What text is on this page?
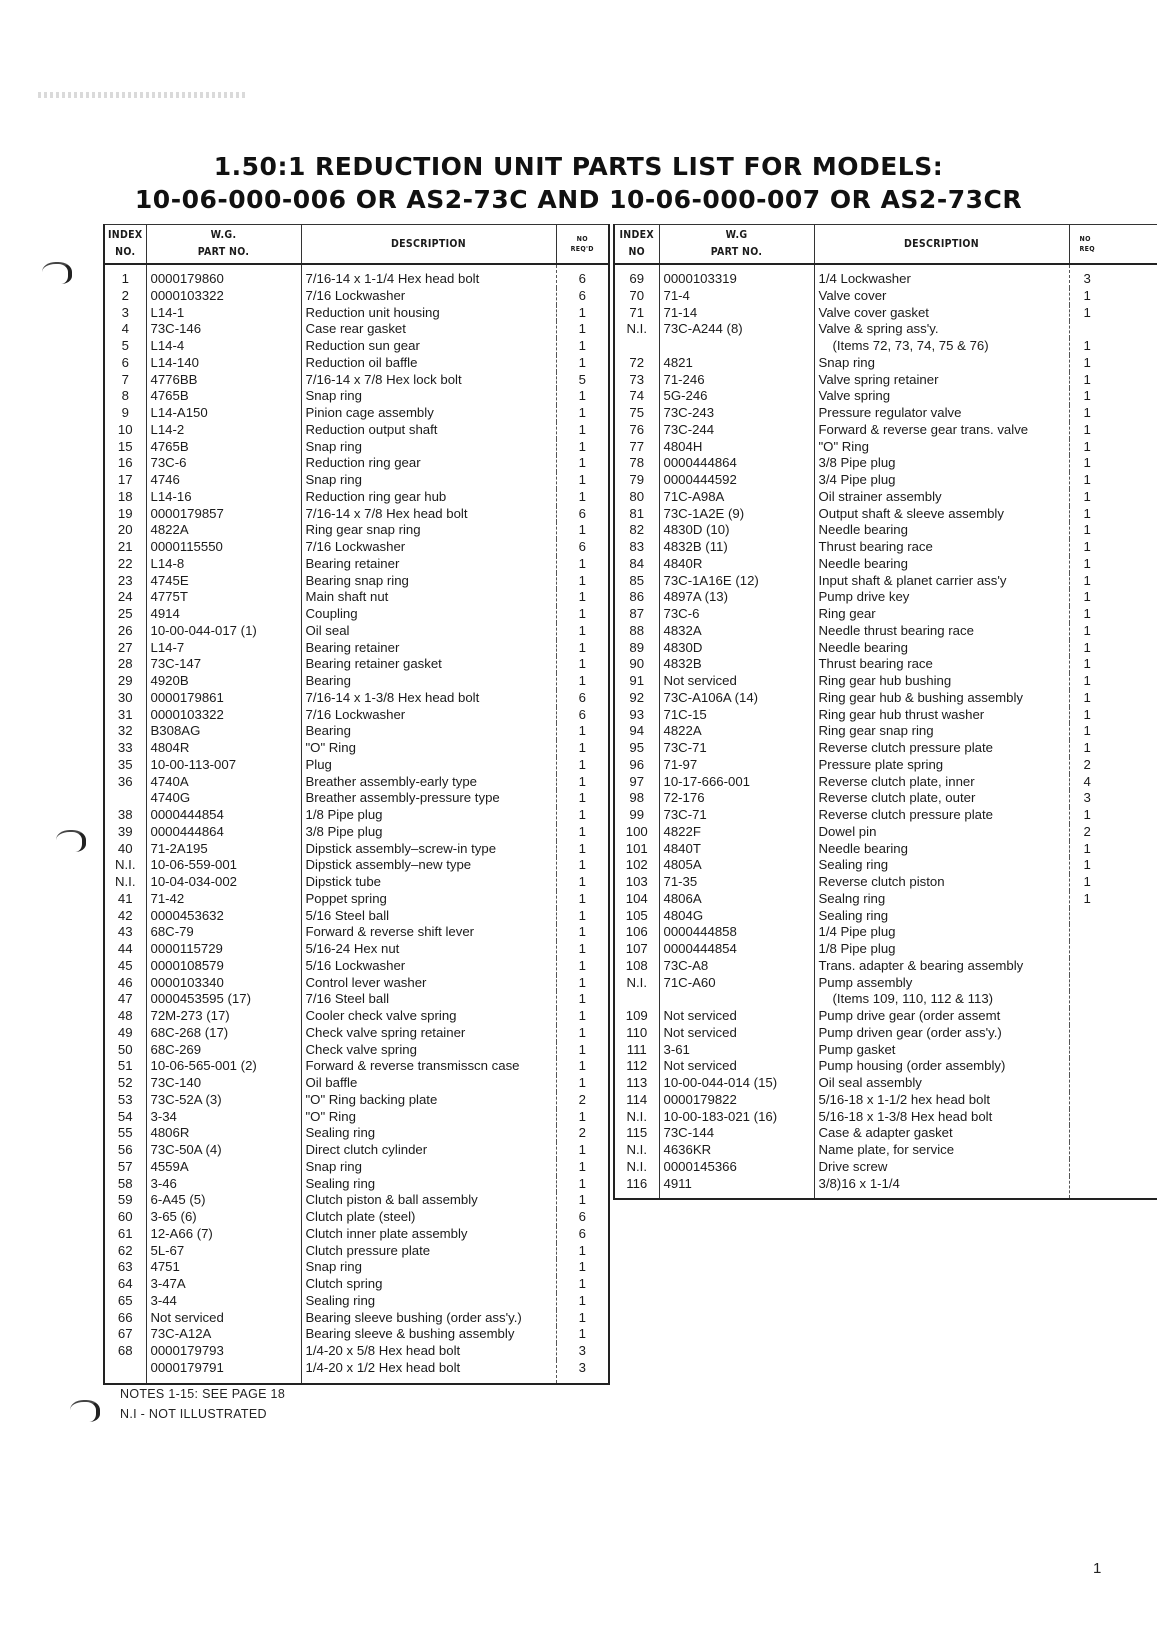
1.50:1 REDUCTION UNIT PARTS LIST FOR MODELS:
10-06-000-006 OR AS2-73C AND 10-06-000-007 OR AS2-73CR
INDEX
NO.	W.G.
PART NO.	DESCRIPTION	NO
REQ'D

1	0000179860	7/16-14 x 1-1/4 Hex head bolt	6
2	0000103322	7/16 Lockwasher	6
3	L14-1	Reduction unit housing	1
4	73C-146	Case rear gasket	1
5	L14-4	Reduction sun gear	1
6	L14-140	Reduction oil baffle	1
7	4776BB	7/16-14 x 7/8 Hex lock bolt	5
8	4765B	Snap ring	1
9	L14-A150	Pinion cage assembly	1
10	L14-2	Reduction output shaft	1
15	4765B	Snap ring	1
16	73C-6	Reduction ring gear	1
17	4746	Snap ring	1
18	L14-16	Reduction ring gear hub	1
19	0000179857	7/16-14 x 7/8 Hex head bolt	6
20	4822A	Ring gear snap ring	1
21	0000115550	7/16 Lockwasher	6
22	L14-8	Bearing retainer	1
23	4745E	Bearing snap ring	1
24	4775T	Main shaft nut	1
25	4914	Coupling	1
26	10-00-044-017 (1)	Oil seal	1
27	L14-7	Bearing retainer	1
28	73C-147	Bearing retainer gasket	1
29	4920B	Bearing	1
30	0000179861	7/16-14 x 1-3/8 Hex head bolt	6
31	0000103322	7/16 Lockwasher	6
32	B308AG	Bearing	1
33	4804R	"O" Ring	1
35	10-00-113-007	Plug	1
36	4740A	Breather assembly-early type	1
	4740G	Breather assembly-pressure type	1
38	0000444854	1/8 Pipe plug	1
39	0000444864	3/8 Pipe plug	1
40	71-2A195	Dipstick assembly–screw-in type	1
N.I.	10-06-559-001	Dipstick assembly–new type	1
N.I.	10-04-034-002	Dipstick tube	1
41	71-42	Poppet spring	1
42	0000453632	5/16 Steel ball	1
43	68C-79	Forward & reverse shift lever	1
44	0000115729	5/16-24 Hex nut	1
45	0000108579	5/16 Lockwasher	1
46	0000103340	Control lever washer	1
47	0000453595 (17)	7/16 Steel ball	1
48	72M-273 (17)	Cooler check valve spring	1
49	68C-268 (17)	Check valve spring retainer	1
50	68C-269	Check valve spring	1
51	10-06-565-001 (2)	Forward & reverse transmisscn case	1
52	73C-140	Oil baffle	1
53	73C-52A (3)	"O" Ring backing plate	2
54	3-34	"O" Ring	1
55	4806R	Sealing ring	2
56	73C-50A (4)	Direct clutch cylinder	1
57	4559A	Snap ring	1
58	3-46	Sealing ring	1
59	6-A45 (5)	Clutch piston & ball assembly	1
60	3-65 (6)	Clutch plate (steel)	6
61	12-A66 (7)	Clutch inner plate assembly	6
62	5L-67	Clutch pressure plate	1
63	4751	Snap ring	1
64	3-47A	Clutch spring	1
65	3-44	Sealing ring	1
66	Not serviced	Bearing sleeve bushing (order ass'y.)	1
67	73C-A12A	Bearing sleeve & bushing assembly	1
68	0000179793	1/4-20 x 5/8 Hex head bolt	3
	0000179791	1/4-20 x 1/2 Hex head bolt	3
INDEX
NO	W.G
PART NO.	DESCRIPTION	NO
REQ

69	0000103319	1/4 Lockwasher	3
70	71-4	Valve cover	1
71	71-14	Valve cover gasket	1
N.I.	73C-A244 (8)	Valve & spring ass'y.	
		(Items 72, 73, 74, 75 & 76)	1
72	4821	Snap ring	1
73	71-246	Valve spring retainer	1
74	5G-246	Valve spring	1
75	73C-243	Pressure regulator valve	1
76	73C-244	Forward & reverse gear trans. valve	1
77	4804H	"O" Ring	1
78	0000444864	3/8 Pipe plug	1
79	0000444592	3/4 Pipe plug	1
80	71C-A98A	Oil strainer assembly	1
81	73C-1A2E (9)	Output shaft & sleeve assembly	1
82	4830D (10)	Needle bearing	1
83	4832B (11)	Thrust bearing race	1
84	4840R	Needle bearing	1
85	73C-1A16E (12)	Input shaft & planet carrier ass'y	1
86	4897A (13)	Pump drive key	1
87	73C-6	Ring gear	1
88	4832A	Needle thrust bearing race	1
89	4830D	Needle bearing	1
90	4832B	Thrust bearing race	1
91	Not serviced	Ring gear hub bushing	1
92	73C-A106A (14)	Ring gear hub & bushing assembly	1
93	71C-15	Ring gear hub thrust washer	1
94	4822A	Ring gear snap ring	1
95	73C-71	Reverse clutch pressure plate	1
96	71-97	Pressure plate spring	2
97	10-17-666-001	Reverse clutch plate, inner	4
98	72-176	Reverse clutch plate, outer	3
99	73C-71	Reverse clutch pressure plate	1
100	4822F	Dowel pin	2
101	4840T	Needle bearing	1
102	4805A	Sealing ring	1
103	71-35	Reverse clutch piston	1
104	4806A	Sealng ring	1
105	4804G	Sealing ring	
106	0000444858	1/4 Pipe plug	
107	0000444854	1/8 Pipe plug	
108	73C-A8	Trans. adapter & bearing assembly	
N.I.	71C-A60	Pump assembly	
		(Items 109, 110, 112 & 113)	
109	Not serviced	Pump drive gear (order assemt	
110	Not serviced	Pump driven gear (order ass'y.)	
111	3-61	Pump gasket	
112	Not serviced	Pump housing (order assembly)	
113	10-00-044-014 (15)	Oil seal assembly	
114	0000179822	5/16-18 x 1-1/2 hex head bolt	
N.I.	10-00-183-021 (16)	5/16-18 x 1-3/8 Hex head bolt	
115	73C-144	Case & adapter gasket	
N.I.	4636KR	Name plate, for service	
N.I.	0000145366	Drive screw	
116	4911	3/8)16 x 1-1/4	
NOTES 1-15: SEE PAGE 18
N.I - NOT ILLUSTRATED
1
